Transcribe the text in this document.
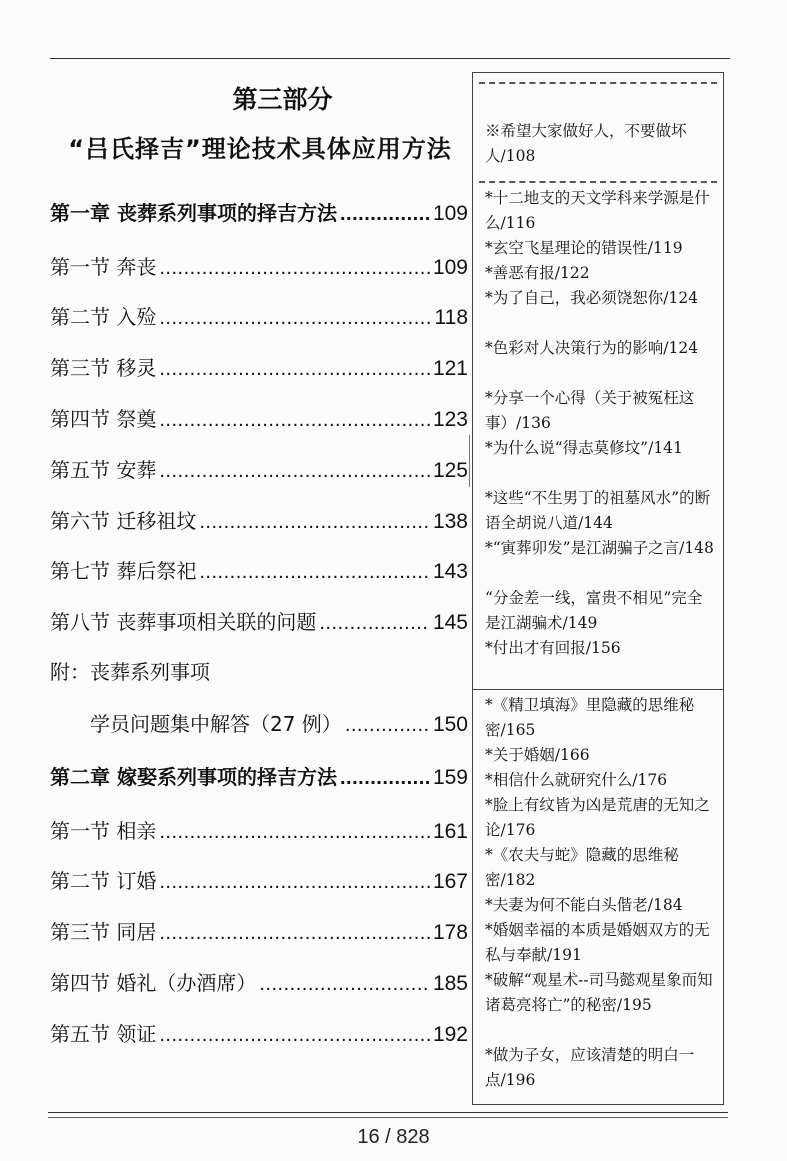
第三部分
“吕氏择吉”理论技术具体应用方法
第一章 丧葬系列事项的择吉方法 .....	109
第一节 奔丧 .....	109
第二节 入殓 .....	118
第三节 移灵 .....	121
第四节 祭奠 .....	123
第五节 安葬 .....	125
第六节 迁移祖坟 .....	138
第七节 葬后祭祀 .....	143
第八节 丧葬事项相关联的问题 .....	145
附：丧葬系列事项
学员问题集中解答（27 例） .....	150
第二章 嫁娶系列事项的择吉方法 .....	159
第一节 相亲 .....	161
第二节 订婚 .....	167
第三节 同居 .....	178
第四节 婚礼（办酒席） .....	185
第五节 领证 .....	192
※希望大家做好人，不要做坏人/108
*十二地支的天文学科来学源是什么/116
*玄空飞星理论的错误性/119
*善恶有报/122
*为了自己，我必须饶恕你/124
*色彩对人决策行为的影响/124
*分享一个心得（关于被冤枉这事）/136
*为什么说“得志莫修坟”/141
*这些“不生男丁的祖墓风水”的断语全胡说八道/144
*“寅葬卯发”是江湖骗子之言/148
“分金差一线，富贵不相见”完全是江湖骗术/149
*付出才有回报/156
*《精卫填海》里隐藏的思维秘密/165
*关于婚姻/166
*相信什么就研究什么/176
*脸上有纹皆为凶是荒唐的无知之论/176
*《农夫与蛇》隐藏的思维秘密/182
*夫妻为何不能白头偕老/184
*婚姻幸福的本质是婚姻双方的无私与奉献/191
*破解“观星术--司马懿观星象而知诸葛亮将亡”的秘密/195
*做为子女，应该清楚的明白一点/196
16 / 828
